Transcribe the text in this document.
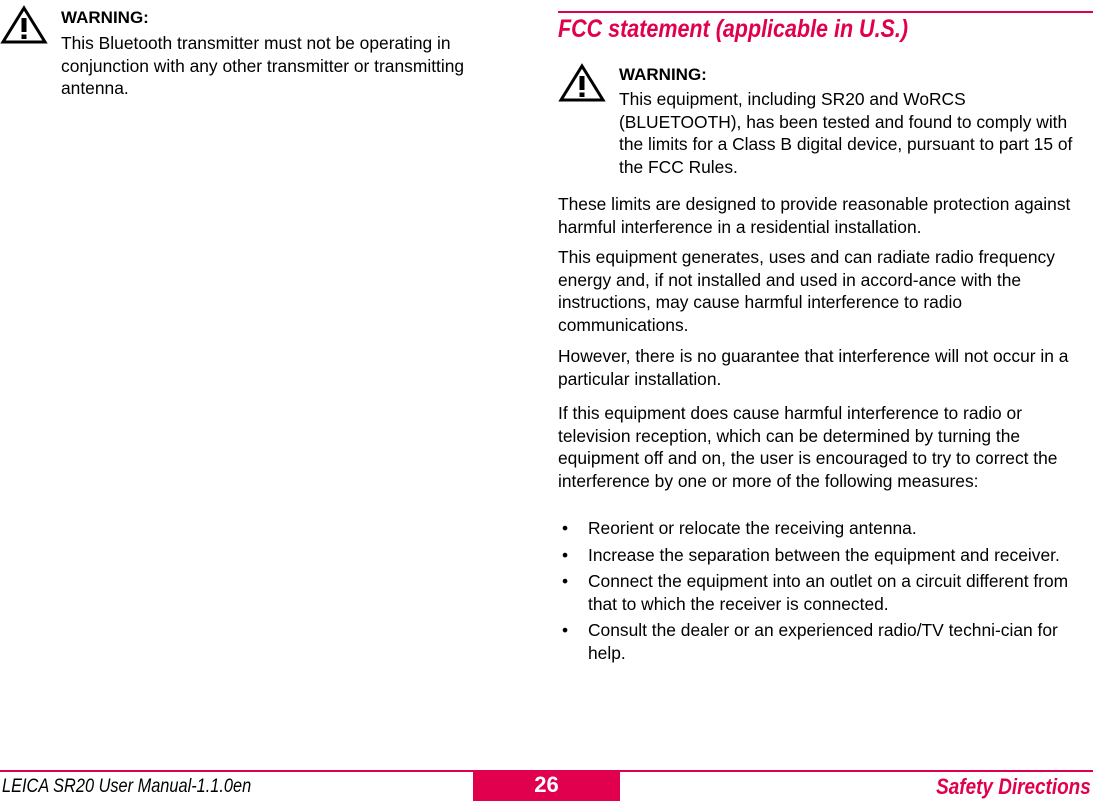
WARNING:

This Bluetooth transmitter must not be operating in conjunction with any other transmitter or transmitting antenna.

FCC statement (applicable in U.S.)

WARNING:

This equipment, including SR20 and WoRCS (BLUETOOTH), has been tested and found to comply with the limits for a Class B digital device, pursuant to part 15 of the FCC Rules.

These limits are designed to provide reasonable protection against harmful interference in a residential installation.

This equipment generates, uses and can radiate radio frequency energy and, if not installed and used in accord-ance with the instructions, may cause harmful interference to radio communications.

However, there is no guarantee that interference will not occur in a particular installation.

If this equipment does cause harmful interference to radio or television reception, which can be determined by turning the equipment off and on, the user is encouraged to try to correct the interference by one or more of the following measures:

• Reorient or relocate the receiving antenna.
• Increase the separation between the equipment and receiver.
• Connect the equipment into an outlet on a circuit different from that to which the receiver is connected.
• Consult the dealer or an experienced radio/TV techni-cian for help.

LEICA SR20 User Manual-1.1.0en	26	Safety Directions
